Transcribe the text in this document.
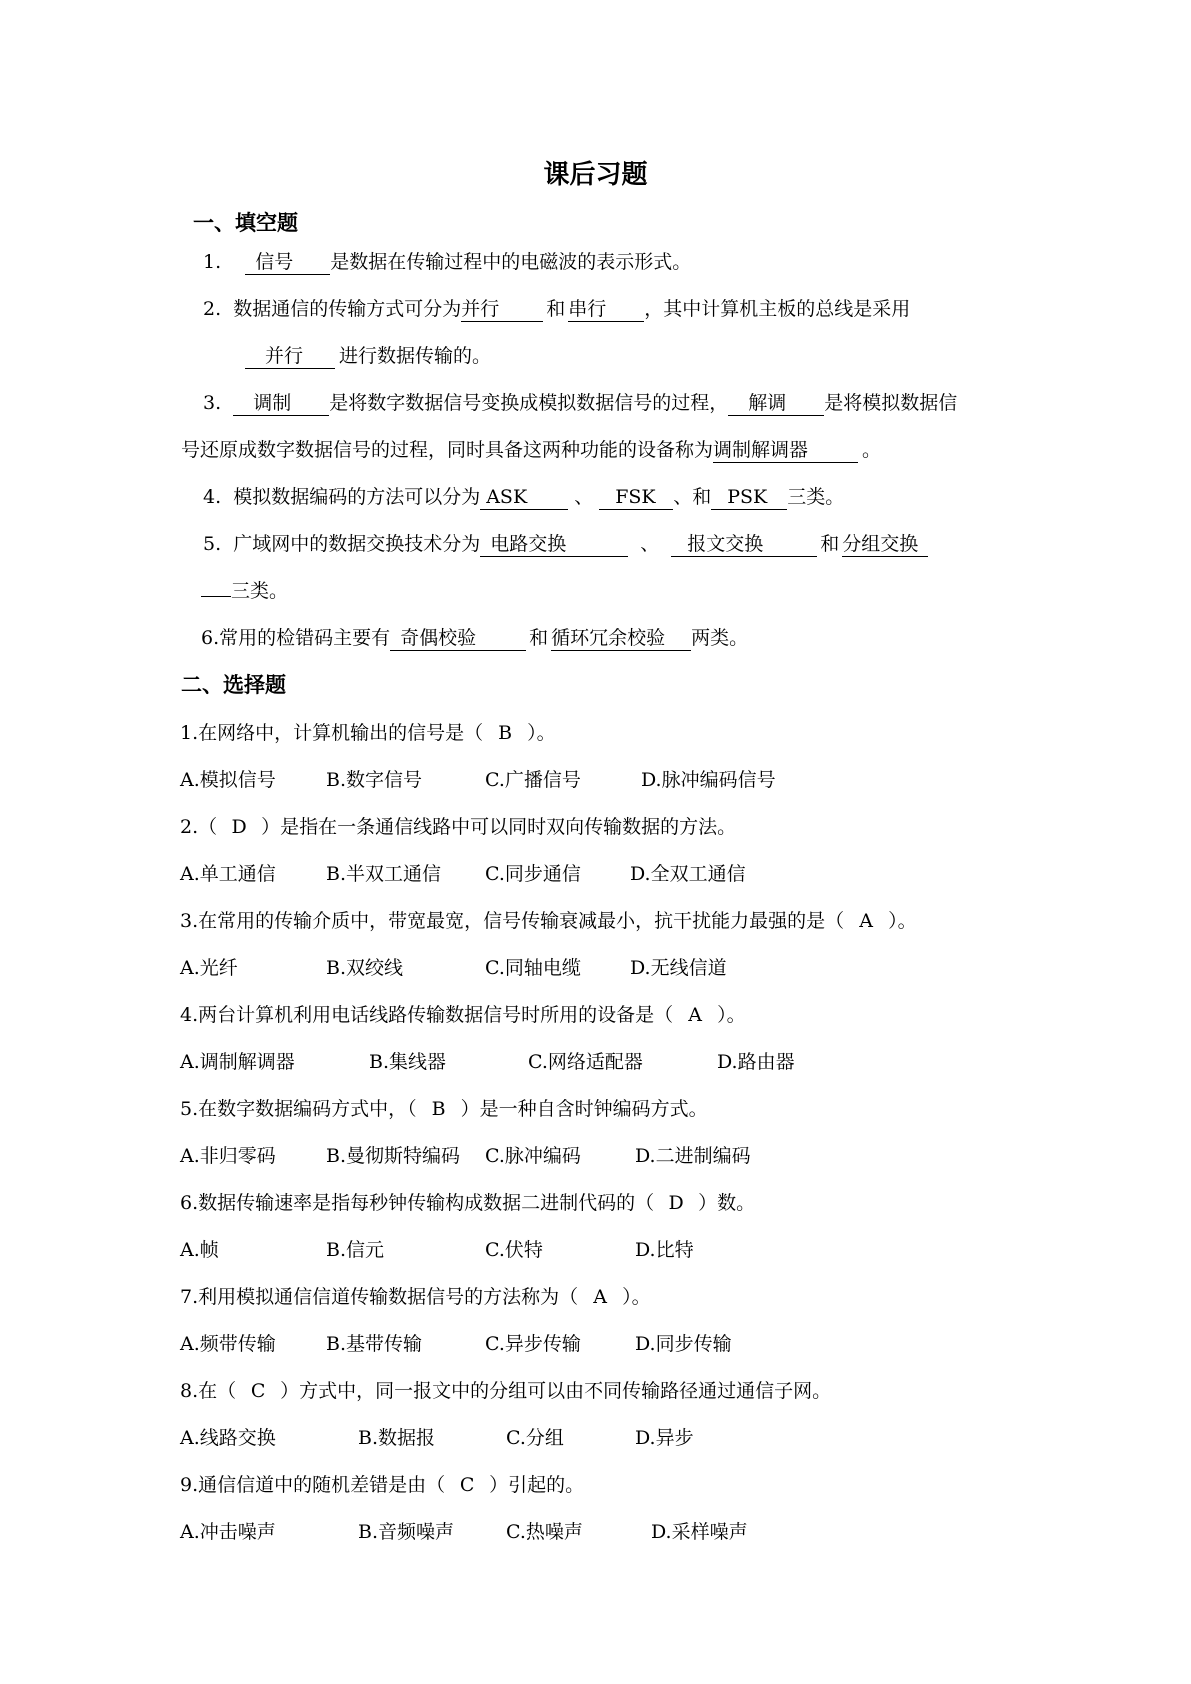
课后习题
一、填空题
1. 信号 是数据在传输过程中的电磁波的表示形式。
2. 数据通信的传输方式可分为并行 和 串行 ，其中计算机主板的总线是采用
并行 进行数据传输的。
3. 调制 是将数字数据信号变换成模拟数据信号的过程， 解调 是将模拟数据信
号还原成数字数据信号的过程，同时具备这两种功能的设备称为调制解调器	。
4. 模拟数据编码的方法可以分为 ASK 、 FSK 、和 PSK 三类。
5. 广域网中的数据交换技术分为 电路交换	、 报文交换	和 分组交换
三类。
6.常用的检错码主要有 奇偶校验	和 循环冗余校验 两类。
二、选择题
1.在网络中，计算机输出的信号是（ B ）。
A.模拟信号	B.数字信号	C.广播信号	D.脉冲编码信号
2.（ D ）是指在一条通信线路中可以同时双向传输数据的方法。
A.单工通信	B.半双工通信 C.同步通信	D.全双工通信
3.在常用的传输介质中，带宽最宽，信号传输衰减最小，抗干扰能力最强的是（ A ）。
A.光纤	B.双绞线	C.同轴电缆	D.无线信道
4.两台计算机利用电话线路传输数据信号时所用的设备是（ A ）。
A.调制解调器	B.集线器	C.网络适配器	D.路由器
5.在数字数据编码方式中，（ B ）是一种自含时钟编码方式。
A.非归零码	B.曼彻斯特编码 C.脉冲编码	D.二进制编码
6.数据传输速率是指每秒钟传输构成数据二进制代码的（ D ）数。
A.帧	B.信元	C.伏特	D.比特
7.利用模拟通信信道传输数据信号的方法称为（ A ）。
A.频带传输	B.基带传输	C.异步传输	D.同步传输
8.在（ C ）方式中，同一报文中的分组可以由不同传输路径通过通信子网。
A.线路交换	B.数据报	C.分组	D.异步
9.通信信道中的随机差错是由（ C ）引起的。
A.冲击噪声	B.音频噪声	C.热噪声	D.采样噪声
